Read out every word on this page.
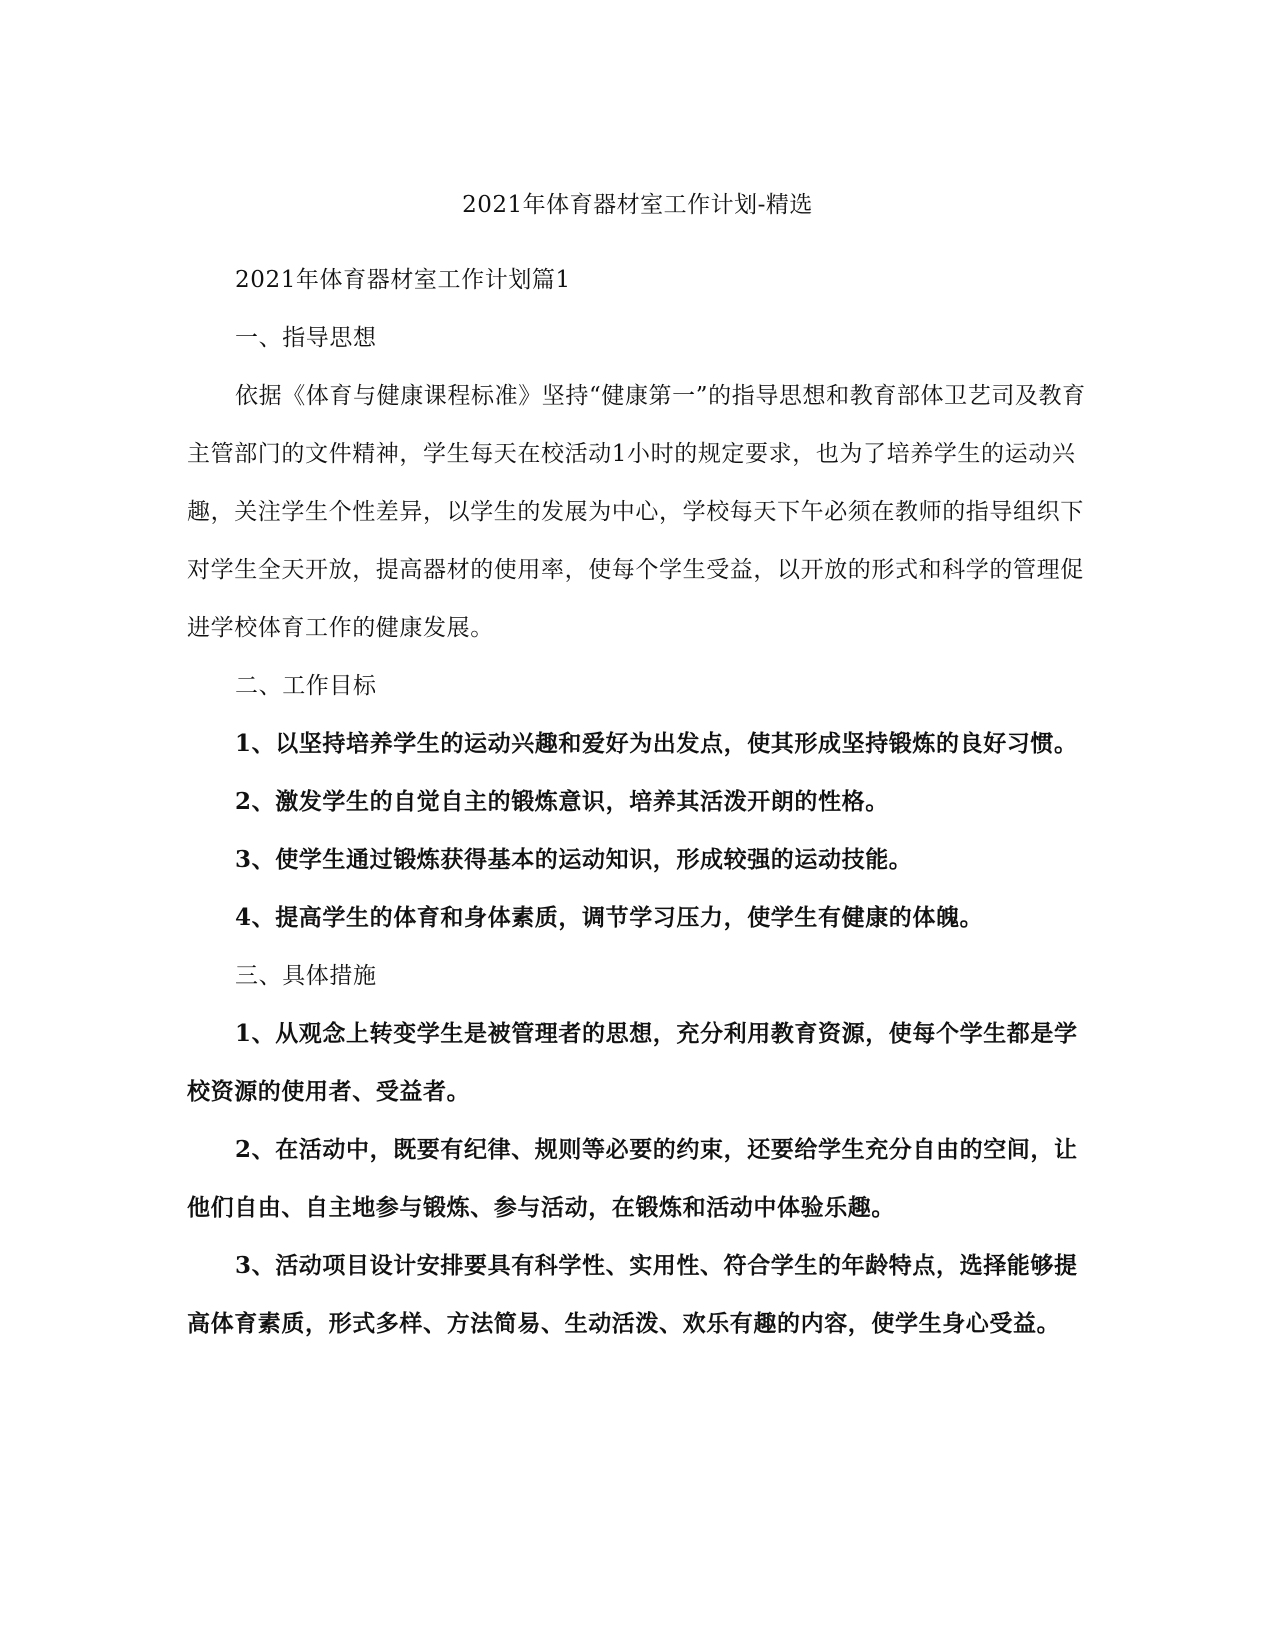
2021年体育器材室工作计划-精选

2021年体育器材室工作计划篇1

一、指导思想

依据《体育与健康课程标准》坚持“健康第一”的指导思想和教育部体卫艺司及教育主管部门的文件精神，学生每天在校活动1小时的规定要求，也为了培养学生的运动兴趣，关注学生个性差异，以学生的发展为中心，学校每天下午必须在教师的指导组织下对学生全天开放，提高器材的使用率，使每个学生受益，以开放的形式和科学的管理促进学校体育工作的健康发展。

二、工作目标

1、以坚持培养学生的运动兴趣和爱好为出发点，使其形成坚持锻炼的良好习惯。

2、激发学生的自觉自主的锻炼意识，培养其活泼开朗的性格。

3、使学生通过锻炼获得基本的运动知识，形成较强的运动技能。

4、提高学生的体育和身体素质，调节学习压力，使学生有健康的体魄。

三、具体措施

1、从观念上转变学生是被管理者的思想，充分利用教育资源，使每个学生都是学校资源的使用者、受益者。

2、在活动中，既要有纪律、规则等必要的约束，还要给学生充分自由的空间，让他们自由、自主地参与锻炼、参与活动，在锻炼和活动中体验乐趣。

3、活动项目设计安排要具有科学性、实用性、符合学生的年龄特点，选择能够提高体育素质，形式多样、方法简易、生动活泼、欢乐有趣的内容，使学生身心受益。
